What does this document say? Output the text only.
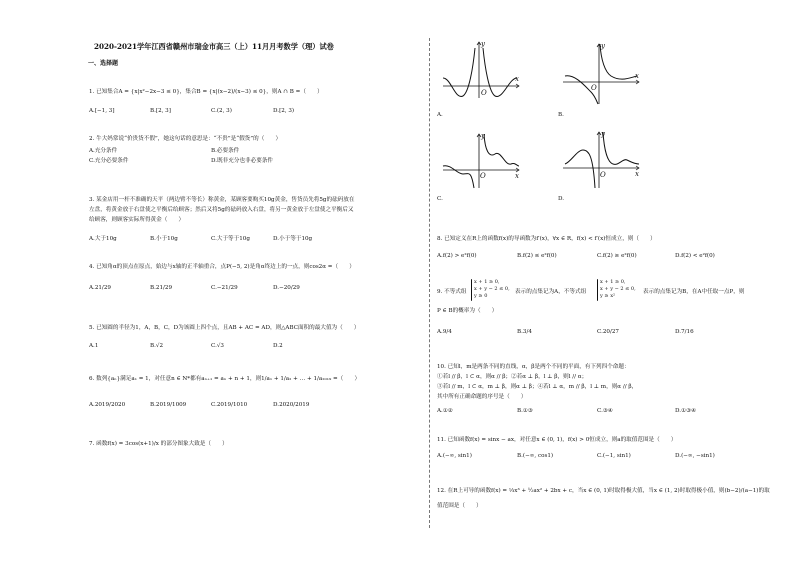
2020-2021学年江西省赣州市瑞金市高三（上）11月月考数学（理）试卷
一、选择题
1. 已知集合A = {x|x²−2x−3 ≤ 0}，集合B = {x|(x−2)/(x−3) ≤ 0}，则A ∩ B =（　　）
A.[−1, 3]	B.[2, 3]	C.(2, 3)	D.[2, 3)
2. 牛大妈常说“价贵货不假”，她这句话的意思是：“不贵”是“假货”的（　　）
A.充分条件	B.必要条件
C.充分必要条件	D.既非充分也非必要条件
3. 某金店用一杆不准确的天平（两边臂不等长）称黄金，某顾客要购买10g黄金，售货员先将5g的砝码放在
左盘，将黄金放于右盘使之平衡后给顾客；然后又将5g的砝码放入右盘，将另一黄金放于左盘使之平衡后又
给顾客，则顾客实际所得黄金（　　）
A.大于10g	B.小于10g	C.大于等于10g	D.小于等于10g
4. 已知角α的顶点在原点，始边与x轴的正半轴重合，点P(−5, 2)是角α终边上的一点，则cos2α =（　　）
A.21/29	B.21/29	C.−21/29	D.−20/29
5. 已知圆的半径为1，A，B，C，D为该圆上四个点，且AB + AC = AD，则△ABC面积的最大值为（　　）
A.1	B.√2	C.√3	D.2
6. 数列{aₙ}满足a₁ = 1，对任意n ∈ N*都有aₙ₊₁ = aₙ + n + 1，则1/a₁ + 1/a₂ + … + 1/a₂₀₁₉ =（　　）
A.2019/2020	B.2019/1009	C.2019/1010	D.2020/2019
7. 函数f(x) = 3cos(x+1)/x 的部分图象大致是（　　）
y
x
O
A.
y
x
O
B.
y
x
O
C.
y
x
O
D.
8. 已知定义在R上的函数f(x)的导函数为f′(x)，∀x ∈ R，f(x) < f′(x)恒成立，则（　　）
A.f(2) > e²f(0)	B.f(2) ≤ e²f(0)	C.f(2) ≥ e²f(0)	D.f(2) < e²f(0)
9. 不等式组
x + 1 ≥ 0,
x + y − 2 ≤ 0,
y ≥ 0
表示的点集记为A，不等式组
x + 1 ≥ 0,
x + y − 2 ≤ 0,
y ≥ x²
表示的点集记为B，在A中任取一点P，则
P ∈ B的概率为（　　）
A.9/4	B.3/4	C.20/27	D.7/16
10. 已知l，m是两条不同的直线，α，β是两个不同的平面，有下列四个命题：
①若l // β，l ⊂ α，则α // β；②若α ⊥ β，l ⊥ β，则l // α；
③若l // m，l ⊂ α，m ⊥ β，则α ⊥ β；④若l ⊥ α，m // β，l ⊥ m，则α // β，
其中所有正确命题的序号是（　　）
A.①②	B.①③	C.③④	D.①③④
11. 已知函数f(x) = sinx − ax，对任意x ∈ (0, 1)，f(x) > 0恒成立，则a的取值范围是（　　）
A.(−∞, sin1)	B.(−∞, cos1)	C.(−1, sin1)	D.(−∞, −sin1)
12. 在R上可导的函数f(x) = ⅓x³ + ½ax² + 2bx + c，当x ∈ (0, 1)时取得极大值，当x ∈ (1, 2)时取得极小值，则(b−2)/(a−1)的取
值范围是（　　）
